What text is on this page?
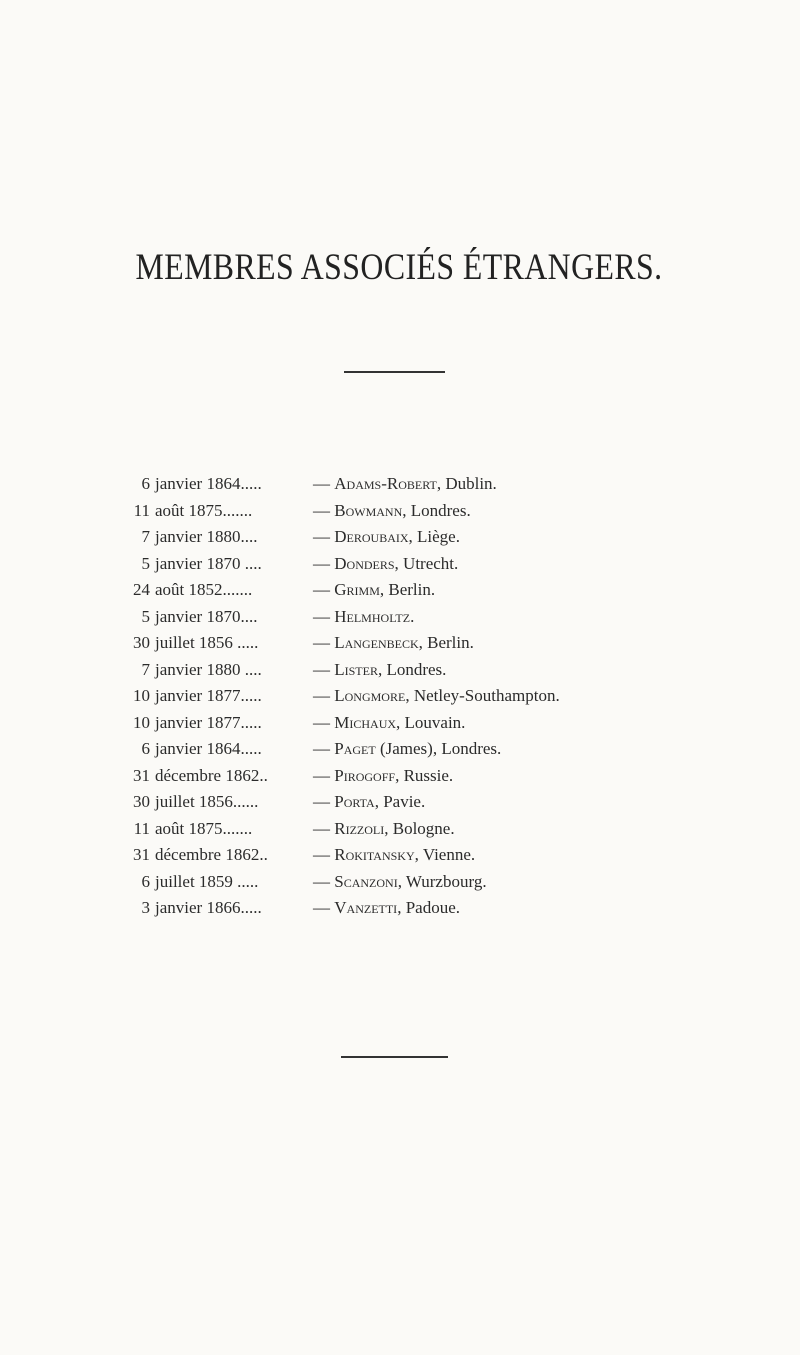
MEMBRES ASSOCIÉS ÉTRANGERS.
6 janvier 1864.....	— Adams-Robert, Dublin.
11 août 1875.......	— Bowmann, Londres.
7 janvier 1880....	— Deroubaix, Liège.
5 janvier 1870 ....	— Donders, Utrecht.
24 août 1852.......	— Grimm, Berlin.
5 janvier 1870....	— Helmholtz.
30 juillet 1856 .....	— Langenbeck, Berlin.
7 janvier 1880 ....	— Lister, Londres.
10 janvier 1877.....	— Longmore, Netley-Southampton.
10 janvier 1877.....	— Michaux, Louvain.
6 janvier 1864.....	— Paget (James), Londres.
31 décembre 1862..	— Pirogoff, Russie.
30 juillet 1856......	— Porta, Pavie.
11 août 1875.......	— Rizzoli, Bologne.
31 décembre 1862..	— Rokitansky, Vienne.
6 juillet 1859 .....	— Scanzoni, Wurzbourg.
3 janvier 1866.....	— Vanzetti, Padoue.
